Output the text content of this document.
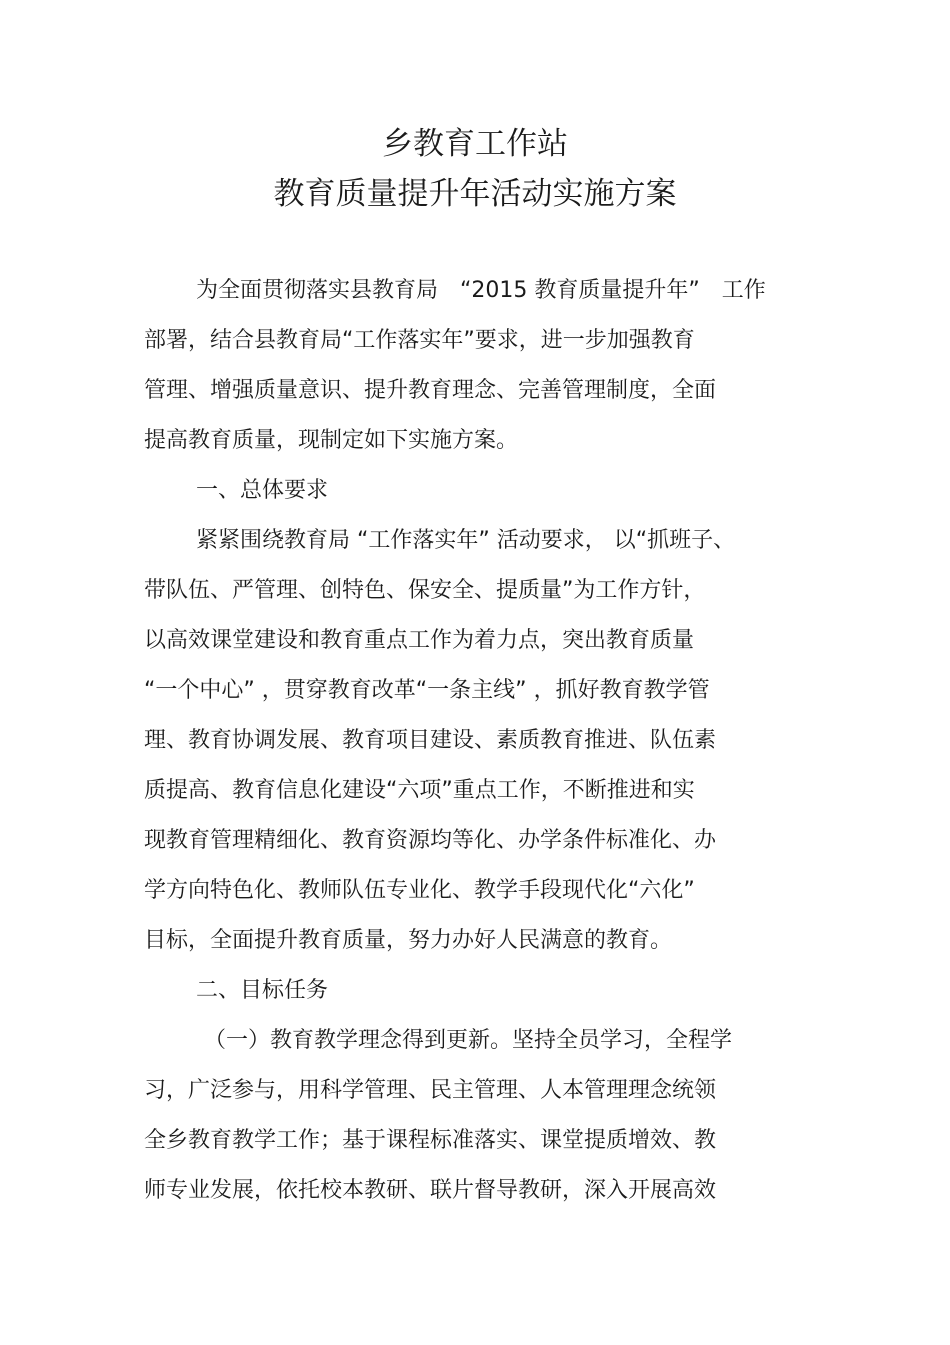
乡教育工作站
教育质量提升年活动实施方案
为全面贯彻落实县教育局　“2015 教育质量提升年”　工作
部署，结合县教育局“工作落实年”要求，进一步加强教育
管理、增强质量意识、提升教育理念、完善管理制度，全面
提高教育质量，现制定如下实施方案。
一、总体要求
紧紧围绕教育局 “工作落实年” 活动要求， 以“抓班子、
带队伍、严管理、创特色、保安全、提质量”为工作方针，
以高效课堂建设和教育重点工作为着力点，突出教育质量
“一个中心” ，贯穿教育改革“一条主线” ，抓好教育教学管
理、教育协调发展、教育项目建设、素质教育推进、队伍素
质提高、教育信息化建设“六项”重点工作，不断推进和实
现教育管理精细化、教育资源均等化、办学条件标准化、办
学方向特色化、教师队伍专业化、教学手段现代化“六化”
目标，全面提升教育质量，努力办好人民满意的教育。
二、目标任务
（一）教育教学理念得到更新。坚持全员学习，全程学
习，广泛参与，用科学管理、民主管理、人本管理理念统领
全乡教育教学工作；基于课程标准落实、课堂提质增效、教
师专业发展，依托校本教研、联片督导教研，深入开展高效
